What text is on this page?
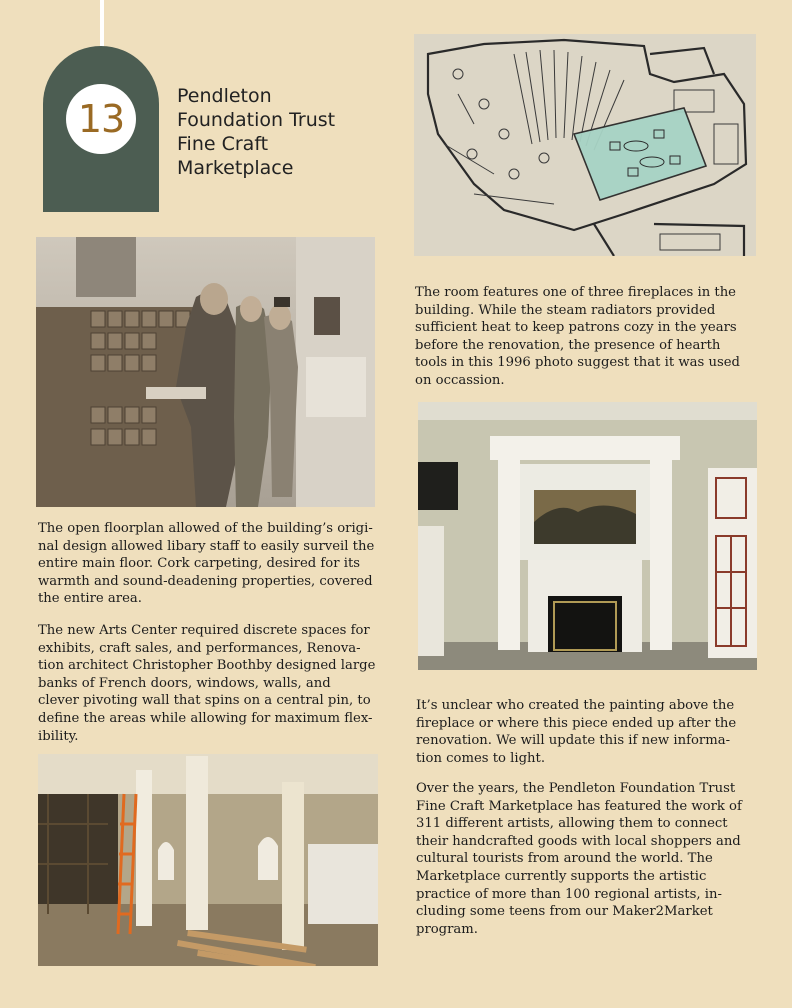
13
Pendleton
Foundation Trust
Fine Craft
Marketplace

The open floorplan allowed of the building’s origi-

nal design allowed libary staff to easily surveil the

entire main floor. Cork carpeting, desired for its

warmth and sound-deadening properties, covered

the entire area.

The new Arts Center required discrete spaces for

exhibits, craft sales, and performances, Renova-

tion architect Christopher Boothby designed large

banks of French doors, windows, walls, and

clever pivoting wall that spins on a central pin, to

define the areas while allowing for maximum flex-

ibility.

The room features one of three fireplaces in the

building. While the steam radiators provided

sufficient heat to keep patrons cozy in the years

before the renovation, the presence of hearth

tools in this 1996 photo suggest that it was used

on occassion.

It’s unclear who created the painting above the

fireplace or where this piece ended up after the

renovation. We will update this if new informa-

tion comes to light.

Over the years, the Pendleton Foundation Trust

Fine Craft Marketplace has featured the work of

311 different artists, allowing them to connect

their handcrafted goods with local shoppers and

cultural tourists from around the world. The

Marketplace currently supports the artistic

practice of more than 100 regional artists, in-

cluding some teens from our Maker2Market

program.
